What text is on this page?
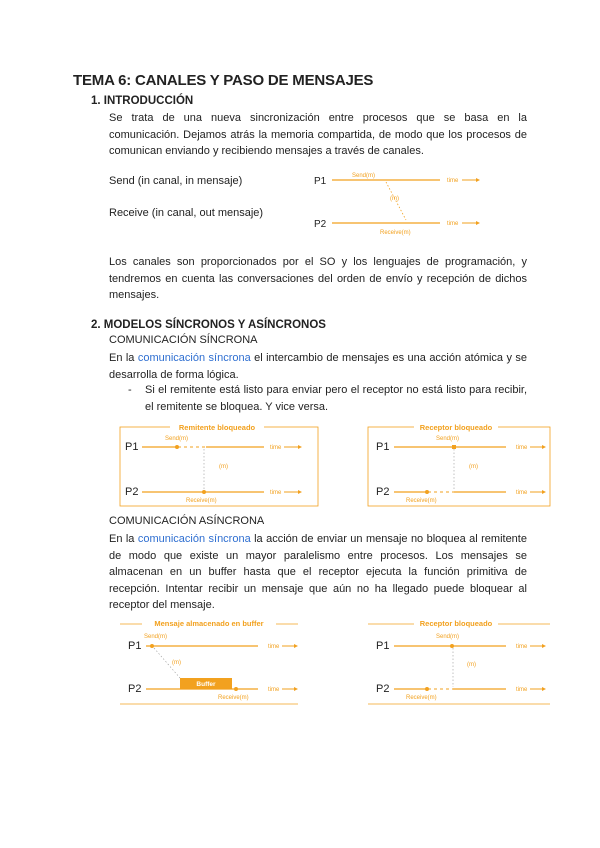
TEMA 6: CANALES Y PASO DE MENSAJES
1. INTRODUCCIÓN
Se trata de una nueva sincronización entre procesos que se basa en la comunicación. Dejamos atrás la memoria compartida, de modo que los procesos de comunican enviando y recibiendo mensajes a través de canales.
Send (in canal, in mensaje)
Receive (in canal, out mensaje)
P1	Send(m)
time
(m)
P2
Receive(m)
time
Los canales son proporcionados por el SO y los lenguajes de programación, y tendremos en cuenta las conversaciones del orden de envío y recepción de dichos mensajes.
2. MODELOS SÍNCRONOS Y ASÍNCRONOS
COMUNICACIÓN SÍNCRONA
En la comunicación síncrona el intercambio de mensajes es una acción atómica y se desarrolla de forma lógica.
- Si el remitente está listo para enviar pero el receptor no está listo para recibir, el remitente se bloquea. Y vice versa.
Remitente bloqueado
P1
Send(m)
time
(m)
P2
Receive(m)
time
Receptor bloqueado
P1
Send(m)
time
(m)
P2
Receive(m)
time
COMUNICACIÓN ASÍNCRONA
En la comunicación síncrona la acción de enviar un mensaje no bloquea al remitente de modo que existe un mayor paralelismo entre procesos. Los mensajes se almacenan en un buffer hasta que el receptor ejecuta la función primitiva de recepción. Intentar recibir un mensaje que aún no ha llegado puede bloquear al receptor del mensaje.
Mensaje almacenado en buffer
P1
Send(m)
time
(m)
Buffer
P2
Receive(m)
time
Receptor bloqueado
P1
Send(m)
time
(m)
P2
Receive(m)
time
